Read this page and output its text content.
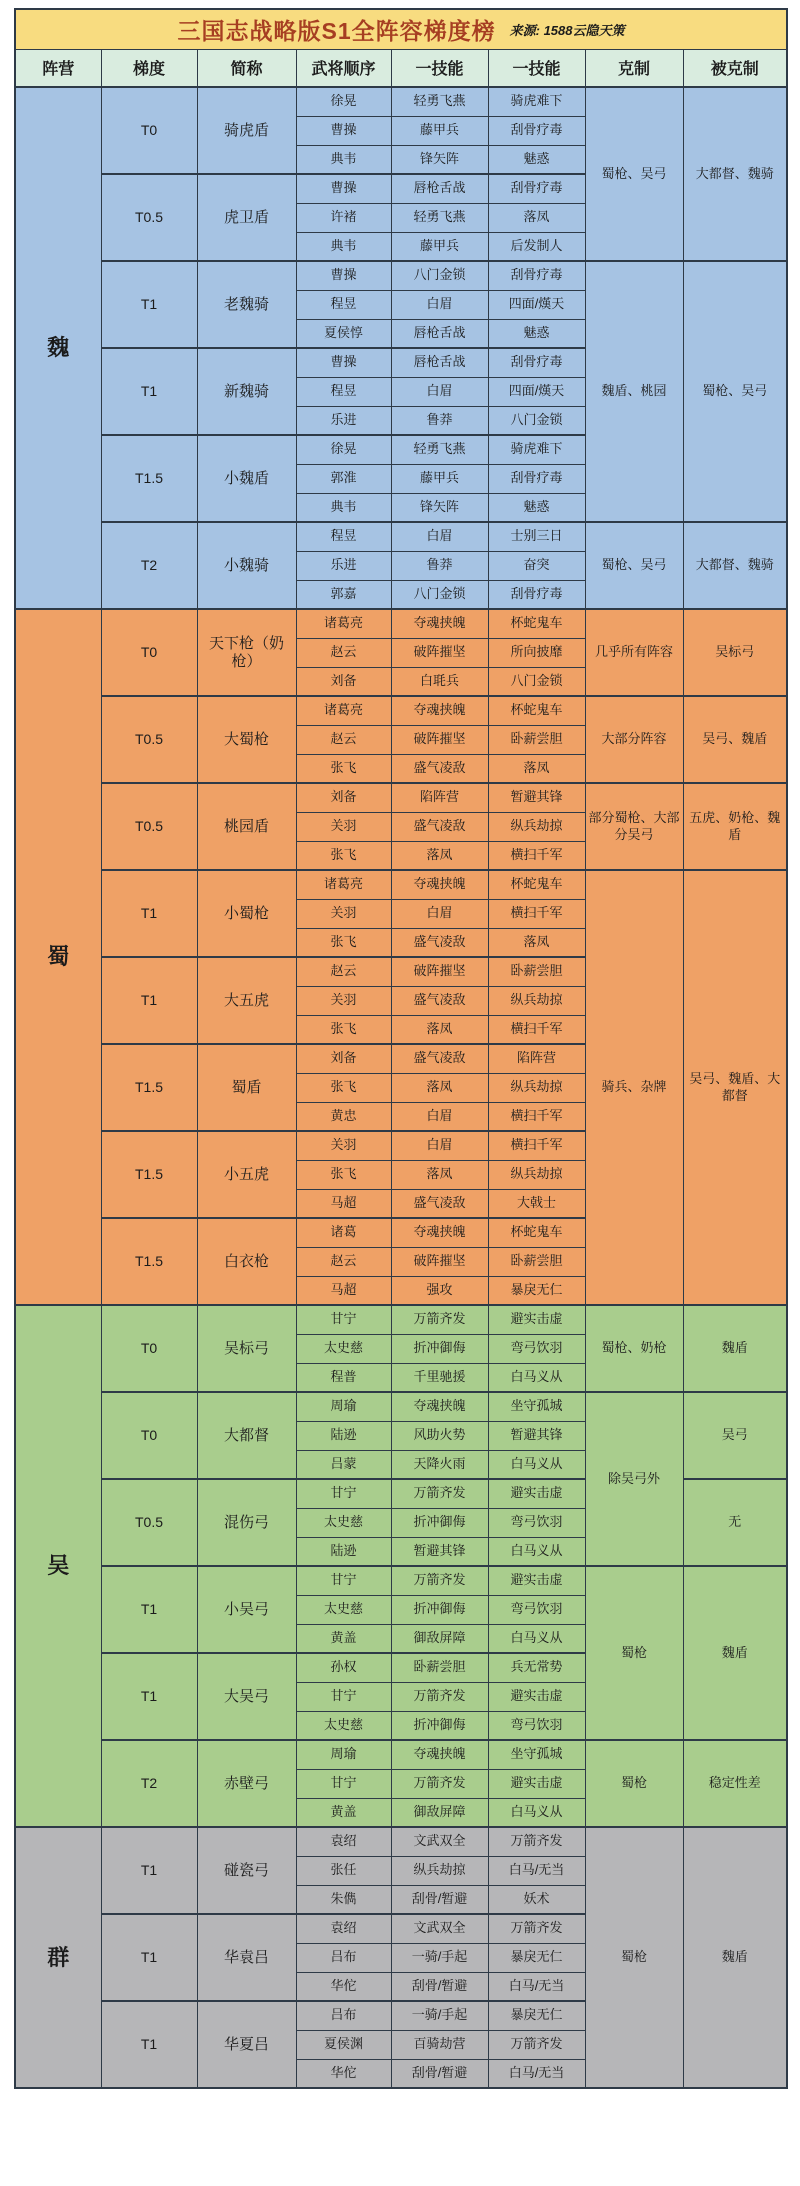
三国志战略版S1全阵容梯度榜 来源: 1588云隐天策							

阵营	梯度	简称	武将顺序	一技能	一技能	克制	被克制
魏	T0	骑虎盾	徐晃	轻勇飞燕	骑虎难下	蜀枪、吴弓	大都督、魏骑
			曹操	藤甲兵	刮骨疗毒		
			典韦	锋矢阵	魅惑		
	T0.5	虎卫盾	曹操	唇枪舌战	刮骨疗毒		
			许褚	轻勇飞燕	落凤		
			典韦	藤甲兵	后发制人		
	T1	老魏骑	曹操	八门金锁	刮骨疗毒	魏盾、桃园	蜀枪、吴弓
			程昱	白眉	四面/熯天		
			夏侯惇	唇枪舌战	魅惑		
	T1	新魏骑	曹操	唇枪舌战	刮骨疗毒		
			程昱	白眉	四面/熯天		
			乐进	鲁莽	八门金锁		
	T1.5	小魏盾	徐晃	轻勇飞燕	骑虎难下		
			郭淮	藤甲兵	刮骨疗毒		
			典韦	锋矢阵	魅惑		
	T2	小魏骑	程昱	白眉	士别三日	蜀枪、吴弓	大都督、魏骑
			乐进	鲁莽	奋突		
			郭嘉	八门金锁	刮骨疗毒		
蜀	T0	天下枪（奶枪）	诸葛亮	夺魂挟魄	杯蛇鬼车	几乎所有阵容	吴标弓
			赵云	破阵摧坚	所向披靡		
			刘备	白毦兵	八门金锁		
	T0.5	大蜀枪	诸葛亮	夺魂挟魄	杯蛇鬼车	大部分阵容	吴弓、魏盾
			赵云	破阵摧坚	卧薪尝胆		
			张飞	盛气凌敌	落凤		
	T0.5	桃园盾	刘备	陷阵营	暂避其锋	部分蜀枪、大部分吴弓	五虎、奶枪、魏盾
			关羽	盛气凌敌	纵兵劫掠		
			张飞	落凤	横扫千军		
	T1	小蜀枪	诸葛亮	夺魂挟魄	杯蛇鬼车	骑兵、杂牌	吴弓、魏盾、大都督
			关羽	白眉	横扫千军		
			张飞	盛气凌敌	落凤		
	T1	大五虎	赵云	破阵摧坚	卧薪尝胆		
			关羽	盛气凌敌	纵兵劫掠		
			张飞	落凤	横扫千军		
	T1.5	蜀盾	刘备	盛气凌敌	陷阵营		
			张飞	落凤	纵兵劫掠		
			黄忠	白眉	横扫千军		
	T1.5	小五虎	关羽	白眉	横扫千军		
			张飞	落凤	纵兵劫掠		
			马超	盛气凌敌	大戟士		
	T1.5	白衣枪	诸葛	夺魂挟魄	杯蛇鬼车		
			赵云	破阵摧坚	卧薪尝胆		
			马超	强攻	暴戾无仁		
吴	T0	吴标弓	甘宁	万箭齐发	避实击虚	蜀枪、奶枪	魏盾
			太史慈	折冲御侮	弯弓饮羽		
			程普	千里驰援	白马义从		
	T0	大都督	周瑜	夺魂挟魄	坐守孤城	除吴弓外	吴弓
			陆逊	风助火势	暂避其锋		
			吕蒙	天降火雨	白马义从		
	T0.5	混伤弓	甘宁	万箭齐发	避实击虚		无
			太史慈	折冲御侮	弯弓饮羽		
			陆逊	暂避其锋	白马义从		
	T1	小吴弓	甘宁	万箭齐发	避实击虚	蜀枪	魏盾
			太史慈	折冲御侮	弯弓饮羽		
			黄盖	御敌屏障	白马义从		
	T1	大吴弓	孙权	卧薪尝胆	兵无常势		
			甘宁	万箭齐发	避实击虚		
			太史慈	折冲御侮	弯弓饮羽		
	T2	赤壁弓	周瑜	夺魂挟魄	坐守孤城	蜀枪	稳定性差
			甘宁	万箭齐发	避实击虚		
			黄盖	御敌屏障	白马义从		
群	T1	碰瓷弓	袁绍	文武双全	万箭齐发	蜀枪	魏盾
			张任	纵兵劫掠	白马/无当		
			朱儁	刮骨/暂避	妖术		
	T1	华袁吕	袁绍	文武双全	万箭齐发		
			吕布	一骑/手起	暴戾无仁		
			华佗	刮骨/暂避	白马/无当		
	T1	华夏吕	吕布	一骑/手起	暴戾无仁		
			夏侯渊	百骑劫营	万箭齐发		
			华佗	刮骨/暂避	白马/无当		
